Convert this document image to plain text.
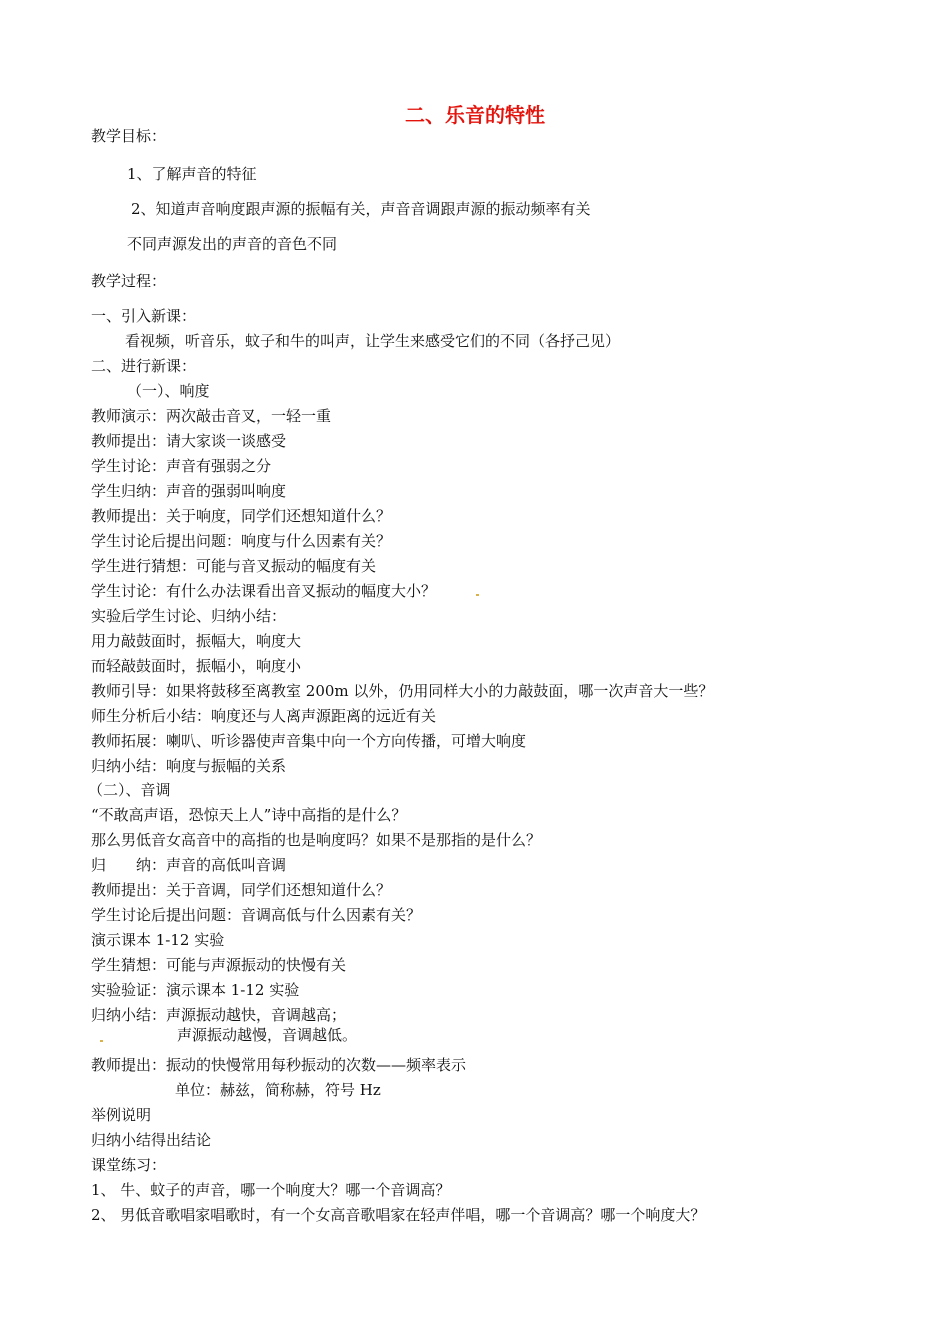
二、乐音的特性
教学目标：
1、了解声音的特征
2、知道声音响度跟声源的振幅有关，声音音调跟声源的振动频率有关
不同声源发出的声音的音色不同
教学过程：
一、引入新课：
看视频，听音乐，蚊子和牛的叫声，让学生来感受它们的不同（各抒己见）
二、进行新课：
（一）、响度
教师演示：两次敲击音叉，一轻一重
教师提出：请大家谈一谈感受
学生讨论：声音有强弱之分
学生归纳：声音的强弱叫响度
教师提出：关于响度，同学们还想知道什么？
学生讨论后提出问题：响度与什么因素有关？
学生进行猜想：可能与音叉振动的幅度有关
学生讨论：有什么办法课看出音叉振动的幅度大小？
实验后学生讨论、归纳小结：
用力敲鼓面时，振幅大，响度大
而轻敲鼓面时，振幅小，响度小
教师引导：如果将鼓移至离教室 200m 以外，仍用同样大小的力敲鼓面，哪一次声音大一些？
师生分析后小结：响度还与人离声源距离的远近有关
教师拓展：喇叭、听诊器使声音集中向一个方向传播，可增大响度
归纳小结：响度与振幅的关系
（二）、音调
“不敢高声语，恐惊天上人”诗中高指的是什么？
那么男低音女高音中的高指的也是响度吗？如果不是那指的是什么？
归　　纳：声音的高低叫音调
教师提出：关于音调，同学们还想知道什么？
学生讨论后提出问题：音调高低与什么因素有关？
演示课本 1-12 实验
学生猜想：可能与声源振动的快慢有关
实验验证：演示课本 1-12 实验
归纳小结：声源振动越快，音调越高；
声源振动越慢，音调越低。
教师提出：振动的快慢常用每秒振动的次数——频率表示
单位：赫兹，简称赫，符号 Hz
举例说明
归纳小结得出结论
课堂练习：
1、 牛、蚊子的声音，哪一个响度大？哪一个音调高？
2、 男低音歌唱家唱歌时，有一个女高音歌唱家在轻声伴唱，哪一个音调高？哪一个响度大？
